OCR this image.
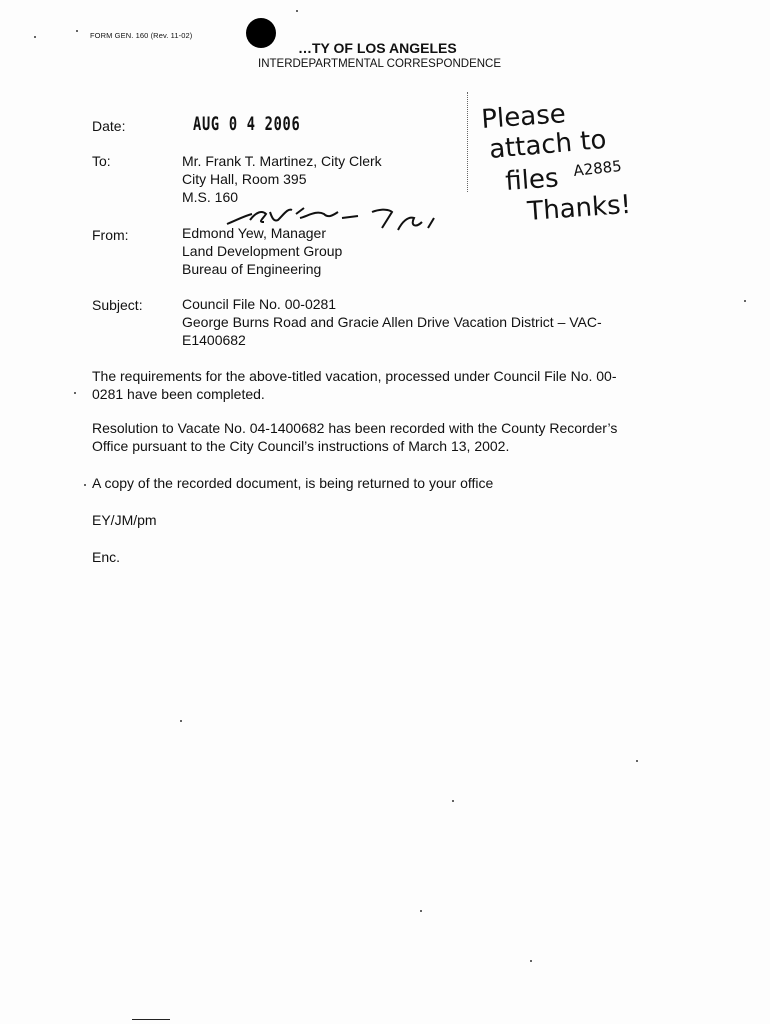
FORM GEN. 160 (Rev. 11-02)
…TY OF LOS ANGELES
INTERDEPARTMENTAL CORRESPONDENCE
Date:	AUG 0 4 2006
To:	Mr. Frank T. Martinez, City Clerk
City Hall, Room 395
M.S. 160
From:	Edmond Yew, Manager
Land Development Group
Bureau of Engineering
Subject:	Council File No. 00-0281
George Burns Road and Gracie Allen Drive Vacation District – VAC-
E1400682
Please
attach to
files A2885
Thanks!
The requirements for the above-titled vacation, processed under Council File No. 00-
0281 have been completed.
Resolution to Vacate No. 04-1400682 has been recorded with the County Recorder’s
Office pursuant to the City Council’s instructions of March 13, 2002.
A copy of the recorded document, is being returned to your office
EY/JM/pm
Enc.
